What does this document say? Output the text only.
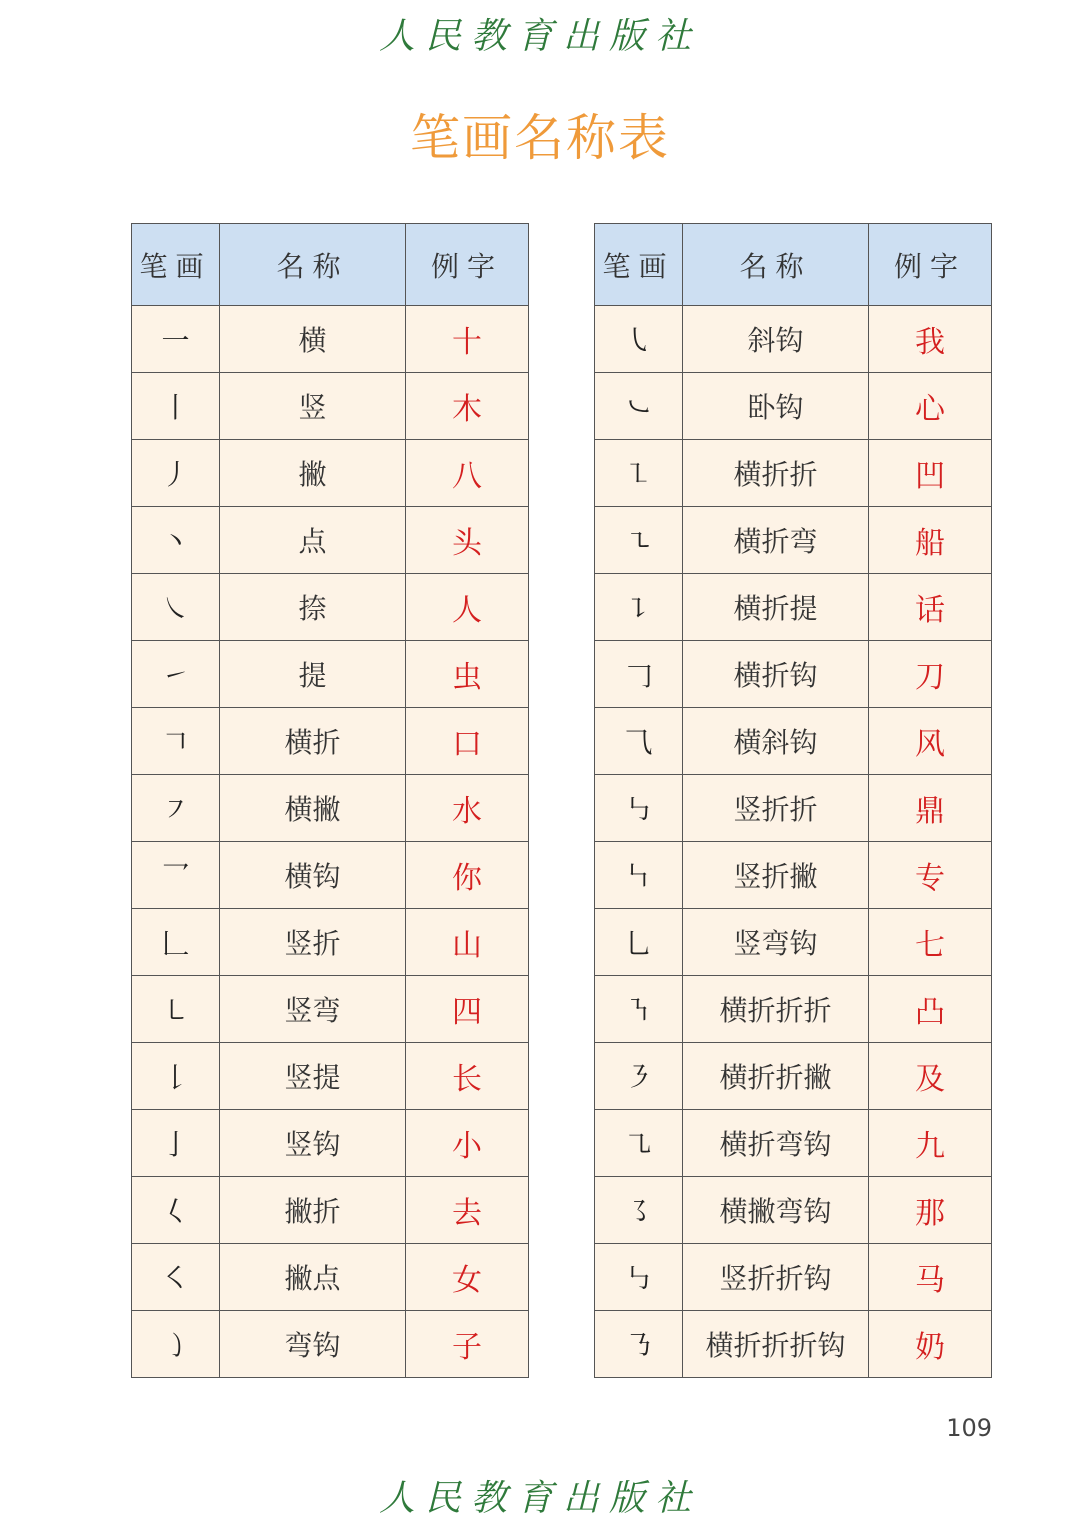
人民教育出版社
笔画名称表
笔画	名称	例字
一	横	十
丨	竖	木
丿	撇	八
丶	点	头
㇏	捺	人
㇀	提	虫
𠃍	横折	口
㇇	横撇	水
乛	横钩	你
𠃊	竖折	山
㇄	竖弯	四
𠄌	竖提	长
亅	竖钩	小
𡿨	撇折	去
㇛	撇点	女
㇁	弯钩	子
笔画	名称	例字
㇂	斜钩	我
㇃	卧钩	心
㇅	横折折	凹
㇍	横折弯	船
㇊	横折提	话
𠃌	横折钩	刀
⺄	横斜钩	风
㇉	竖折折	鼎
㇞	竖折撇	专
乚	竖弯钩	七
㇎	横折折折	凸
㇋	横折折撇	及
㇈	横折弯钩	九
㇌	横撇弯钩	那
㇉	竖折折钩	马
㇡	横折折折钩	奶
109
人民教育出版社
